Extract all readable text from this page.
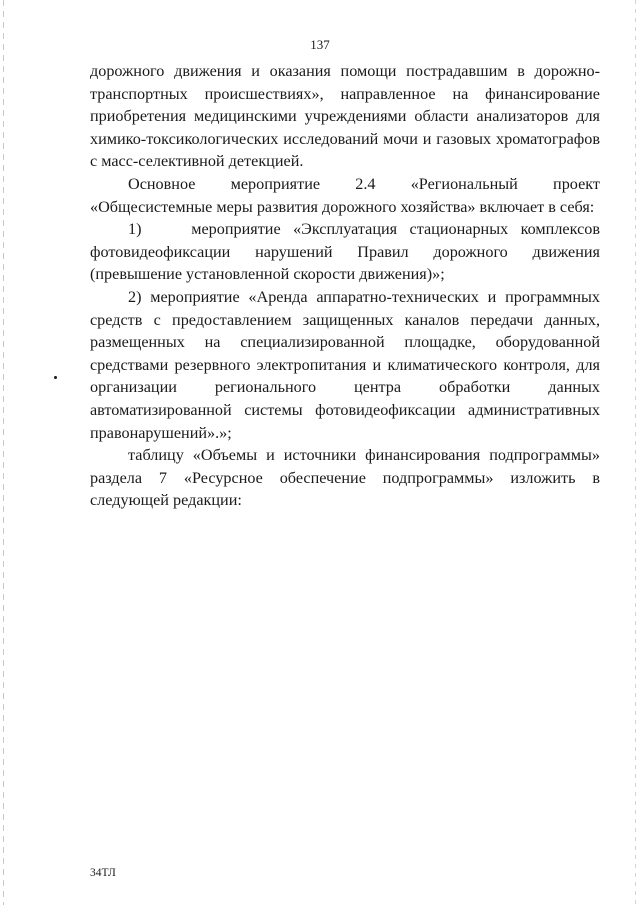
137

дорожного движения и оказания помощи пострадавшим в дорожно-транспортных происшествиях», направленное на финансирование приобретения медицинскими учреждениями области анализаторов для химико-токсикологических исследований мочи и газовых хроматографов с масс-селективной детекцией.

Основное мероприятие 2.4 «Региональный проект «Общесистемные меры развития дорожного хозяйства» включает в себя:

1)    мероприятие «Эксплуатация стационарных комплексов фотовидеофиксации нарушений Правил дорожного движения (превышение установленной скорости движения)»;

2) мероприятие «Аренда аппаратно-технических и программных средств с предоставлением защищенных каналов передачи данных, размещенных на специализированной площадке, оборудованной средствами резервного электропитания и климатического контроля, для организации регионального центра обработки данных автоматизированной системы фотовидеофиксации административных правонарушений».»;

таблицу «Объемы и источники финансирования подпрограммы» раздела 7 «Ресурсное обеспечение подпрограммы» изложить в следующей редакции:

34ТЛ
